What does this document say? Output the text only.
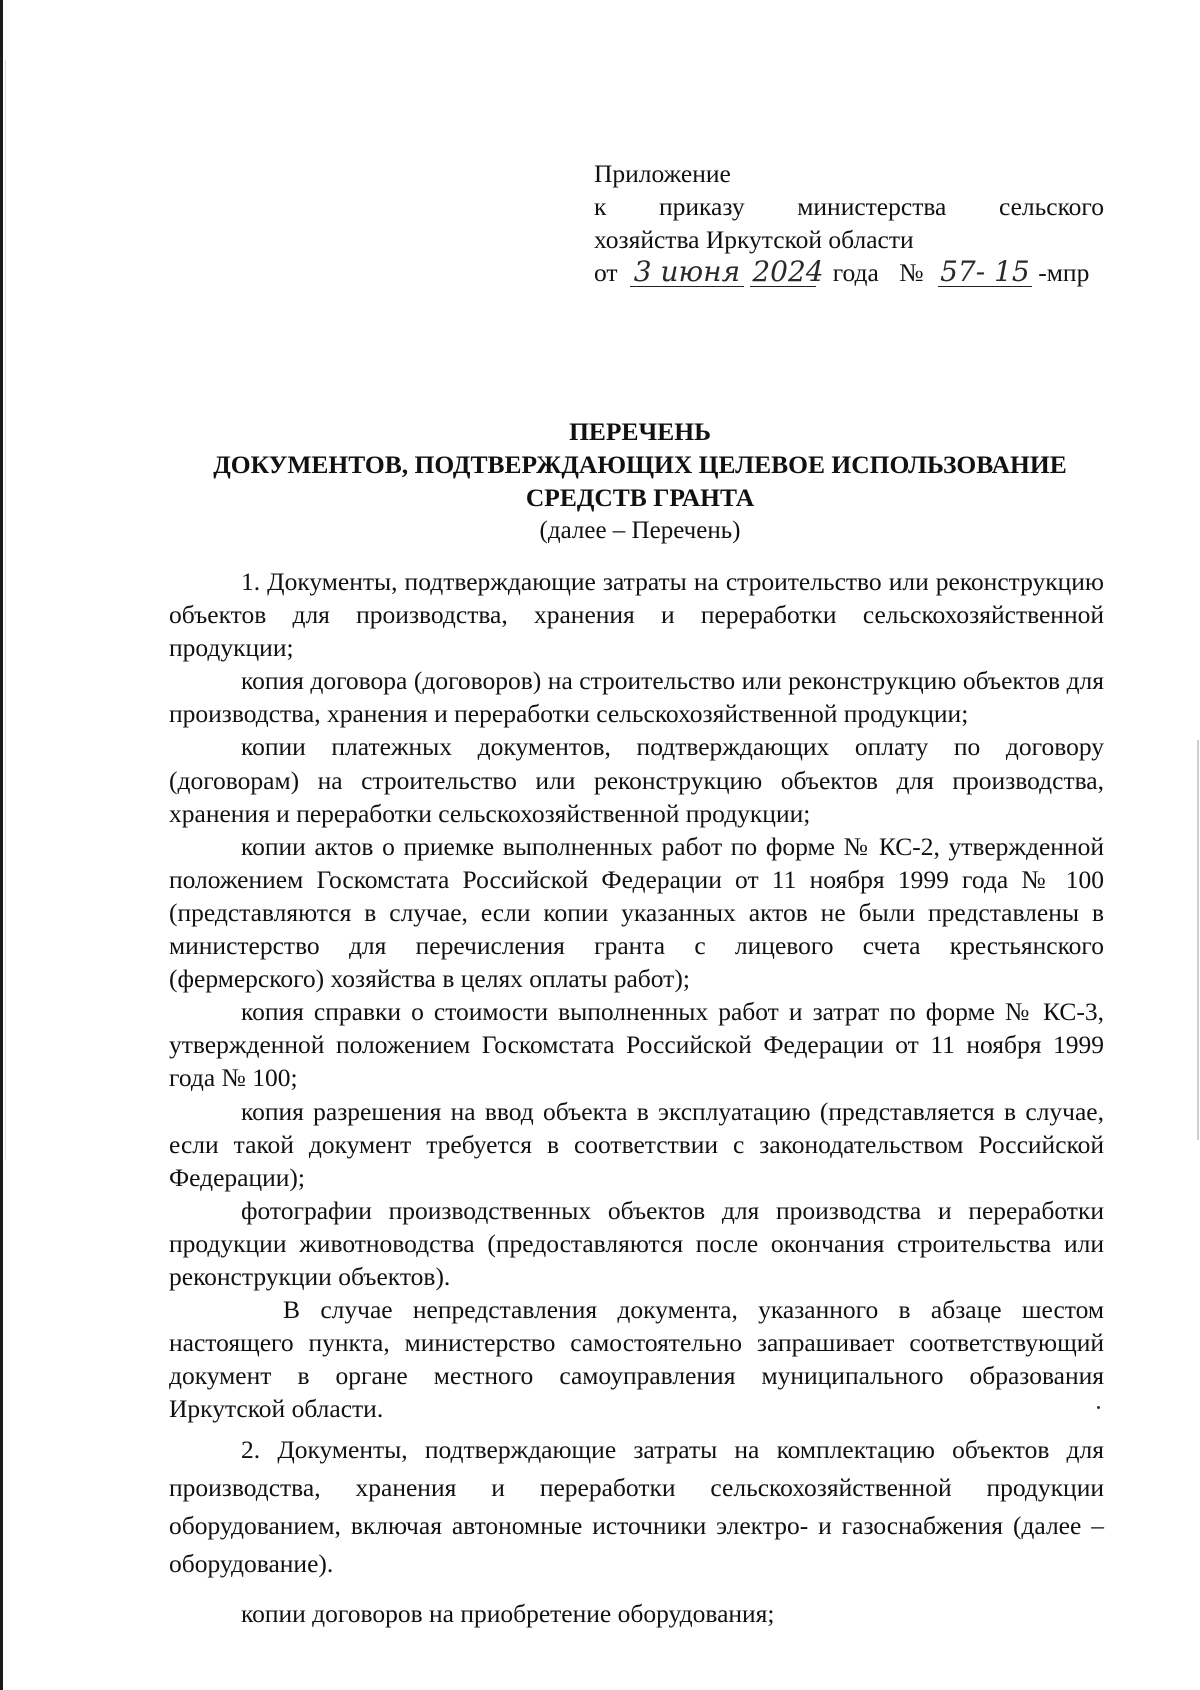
Приложение
к приказу министерства сельского
хозяйства Иркутской области
от 3 июня 2024 года № 57- 15 -мпр
ПЕРЕЧЕНЬ
ДОКУМЕНТОВ, ПОДТВЕРЖДАЮЩИХ ЦЕЛЕВОЕ ИСПОЛЬЗОВАНИЕ
СРЕДСТВ ГРАНТА
(далее – Перечень)

1. Документы, подтверждающие затраты на строительство или реконструкцию объектов для производства, хранения и переработки сельскохозяйственной продукции;

копия договора (договоров) на строительство или реконструкцию объектов для производства, хранения и переработки сельскохозяйственной продукции;

копии платежных документов, подтверждающих оплату по договору (договорам) на строительство или реконструкцию объектов для производства, хранения и переработки сельскохозяйственной продукции;

копии актов о приемке выполненных работ по форме № КС-2, утвержденной положением Госкомстата Российской Федерации от 11 ноября 1999 года № 100 (представляются в случае, если копии указанных актов не были представлены в министерство для перечисления гранта с лицевого счета крестьянского (фермерского) хозяйства в целях оплаты работ);

копия справки о стоимости выполненных работ и затрат по форме № КС-3, утвержденной положением Госкомстата Российской Федерации от 11 ноября 1999 года № 100;

копия разрешения на ввод объекта в эксплуатацию (представляется в случае, если такой документ требуется в соответствии с законодательством Российской Федерации);

фотографии производственных объектов для производства и переработки продукции животноводства (предоставляются после окончания строительства или реконструкции объектов).

В случае непредставления документа, указанного в абзаце шестом настоящего пункта, министерство самостоятельно запрашивает соответствующий документ в органе местного самоуправления муниципального образования Иркутской области.

2. Документы, подтверждающие затраты на комплектацию объектов для производства, хранения и переработки сельскохозяйственной продукции оборудованием, включая автономные источники электро- и газоснабжения (далее – оборудование).

копии договоров на приобретение оборудования;
